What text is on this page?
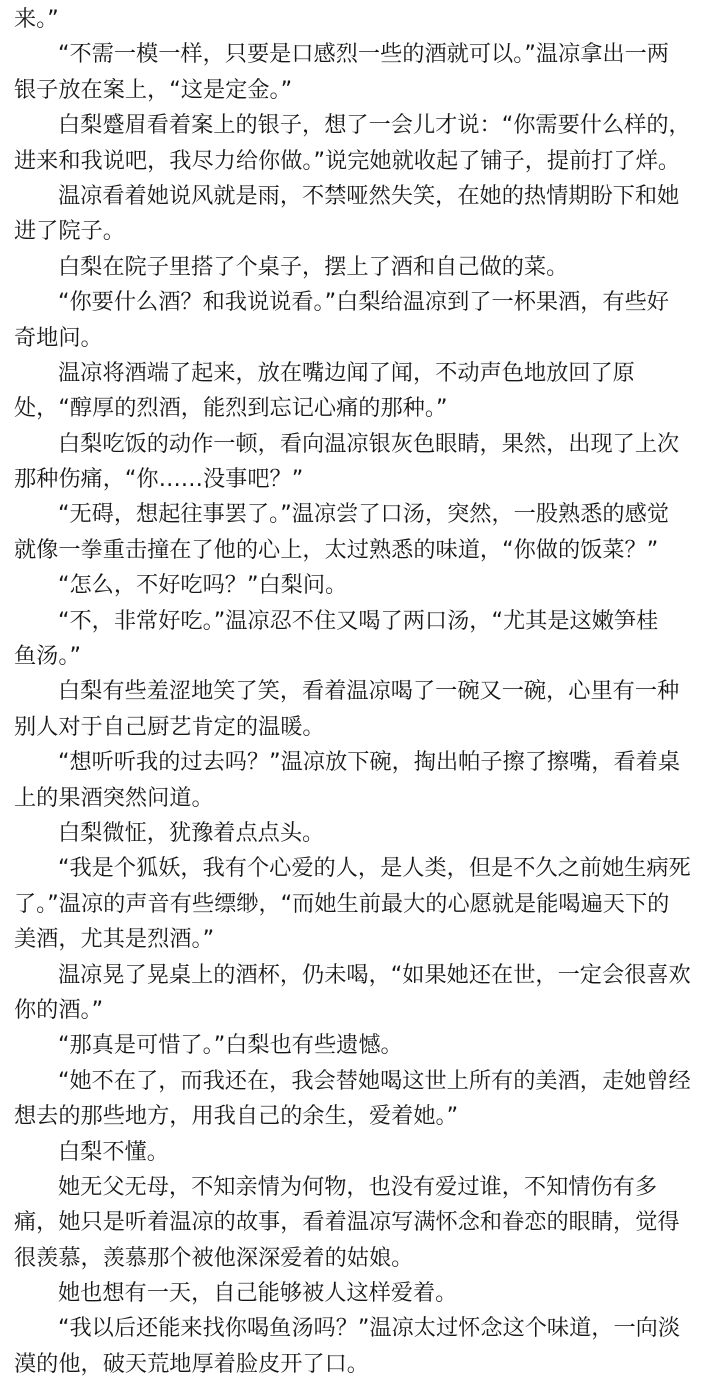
来。”
“不需一模一样，只要是口感烈一些的酒就可以。”温凉拿出一两
银子放在案上，“这是定金。”
白梨蹙眉看着案上的银子，想了一会儿才说：“你需要什么样的，
进来和我说吧，我尽力给你做。”说完她就收起了铺子，提前打了烊。
温凉看着她说风就是雨，不禁哑然失笑，在她的热情期盼下和她
进了院子。
白梨在院子里搭了个桌子，摆上了酒和自己做的菜。
“你要什么酒？和我说说看。”白梨给温凉到了一杯果酒，有些好
奇地问。
温凉将酒端了起来，放在嘴边闻了闻，不动声色地放回了原
处，“醇厚的烈酒，能烈到忘记心痛的那种。”
白梨吃饭的动作一顿，看向温凉银灰色眼睛，果然，出现了上次
那种伤痛，“你……没事吧？”
“无碍，想起往事罢了。”温凉尝了口汤，突然，一股熟悉的感觉
就像一拳重击撞在了他的心上，太过熟悉的味道，“你做的饭菜？”
“怎么，不好吃吗？”白梨问。
“不，非常好吃。”温凉忍不住又喝了两口汤，“尤其是这嫩笋桂
鱼汤。”
白梨有些羞涩地笑了笑，看着温凉喝了一碗又一碗，心里有一种
别人对于自己厨艺肯定的温暖。
“想听听我的过去吗？”温凉放下碗，掏出帕子擦了擦嘴，看着桌
上的果酒突然问道。
白梨微怔，犹豫着点点头。
“我是个狐妖，我有个心爱的人，是人类，但是不久之前她生病死
了。”温凉的声音有些缥缈，“而她生前最大的心愿就是能喝遍天下的
美酒，尤其是烈酒。”
温凉晃了晃桌上的酒杯，仍未喝，“如果她还在世，一定会很喜欢
你的酒。”
“那真是可惜了。”白梨也有些遗憾。
“她不在了，而我还在，我会替她喝这世上所有的美酒，走她曾经
想去的那些地方，用我自己的余生，爱着她。”
白梨不懂。
她无父无母，不知亲情为何物，也没有爱过谁，不知情伤有多
痛，她只是听着温凉的故事，看着温凉写满怀念和眷恋的眼睛，觉得
很羡慕，羡慕那个被他深深爱着的姑娘。
她也想有一天，自己能够被人这样爱着。
“我以后还能来找你喝鱼汤吗？”温凉太过怀念这个味道，一向淡
漠的他，破天荒地厚着脸皮开了口。
